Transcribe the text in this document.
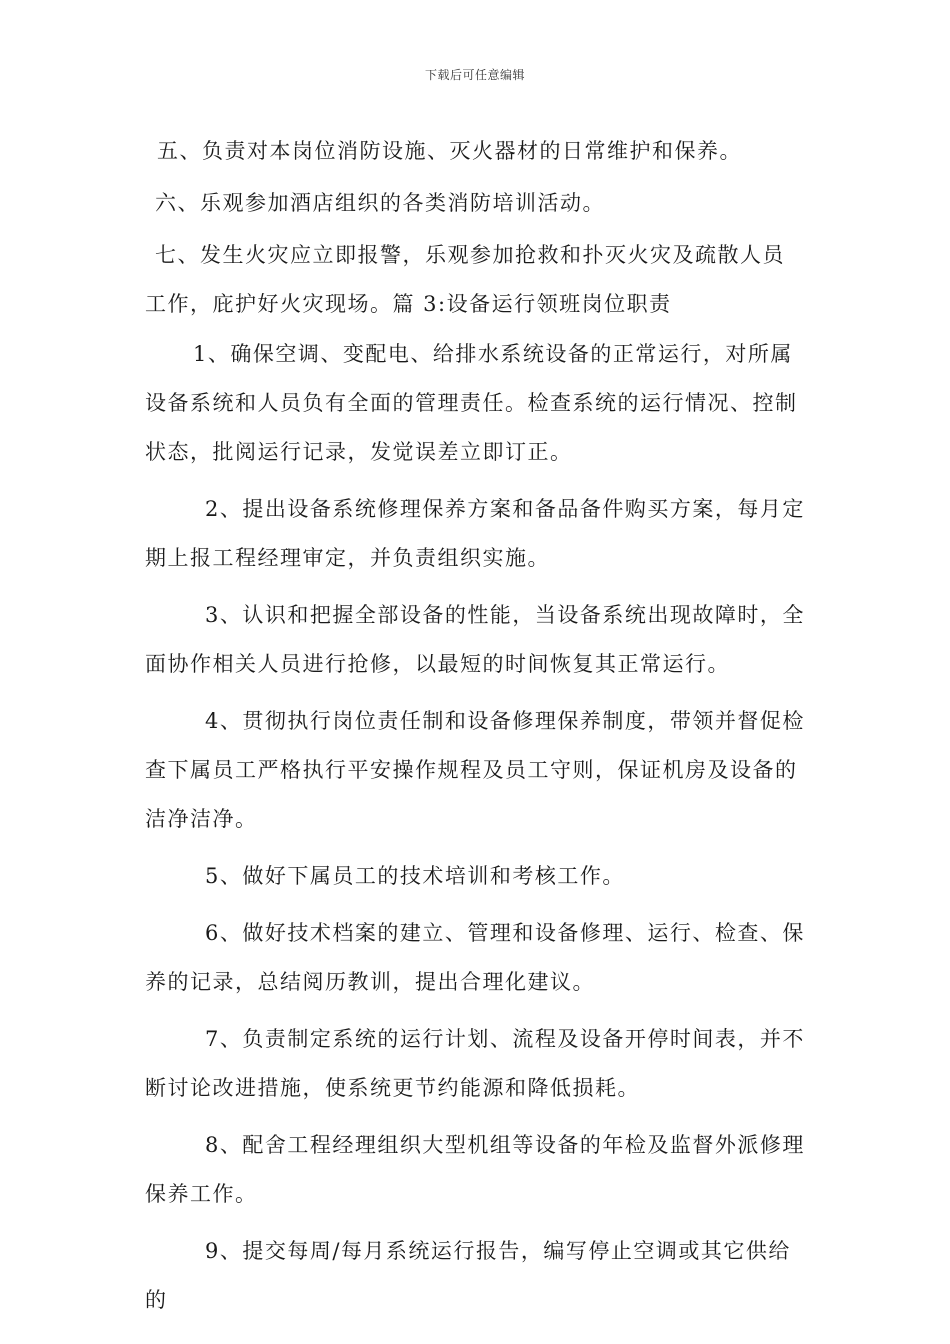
下载后可任意编辑

五、负责对本岗位消防设施、灭火器材的日常维护和保养。

六、乐观参加酒店组织的各类消防培训活动。

七、发生火灾应立即报警，乐观参加抢救和扑灭火灾及疏散人员工作，庇护好火灾现场。篇 3:设备运行领班岗位职责

1、确保空调、变配电、给排水系统设备的正常运行，对所属设备系统和人员负有全面的管理责任。检查系统的运行情况、控制状态，批阅运行记录，发觉误差立即订正。

2、提出设备系统修理保养方案和备品备件购买方案，每月定期上报工程经理审定，并负责组织实施。

3、认识和把握全部设备的性能，当设备系统出现故障时，全面协作相关人员进行抢修，以最短的时间恢复其正常运行。

4、贯彻执行岗位责任制和设备修理保养制度，带领并督促检查下属员工严格执行平安操作规程及员工守则，保证机房及设备的洁净洁净。

5、做好下属员工的技术培训和考核工作。

6、做好技术档案的建立、管理和设备修理、运行、检查、保养的记录，总结阅历教训，提出合理化建议。

7、负责制定系统的运行计划、流程及设备开停时间表，并不断讨论改进措施，使系统更节约能源和降低损耗。

8、配舍工程经理组织大型机组等设备的年检及监督外派修理保养工作。

9、提交每周/每月系统运行报告，编写停止空调或其它供给的
